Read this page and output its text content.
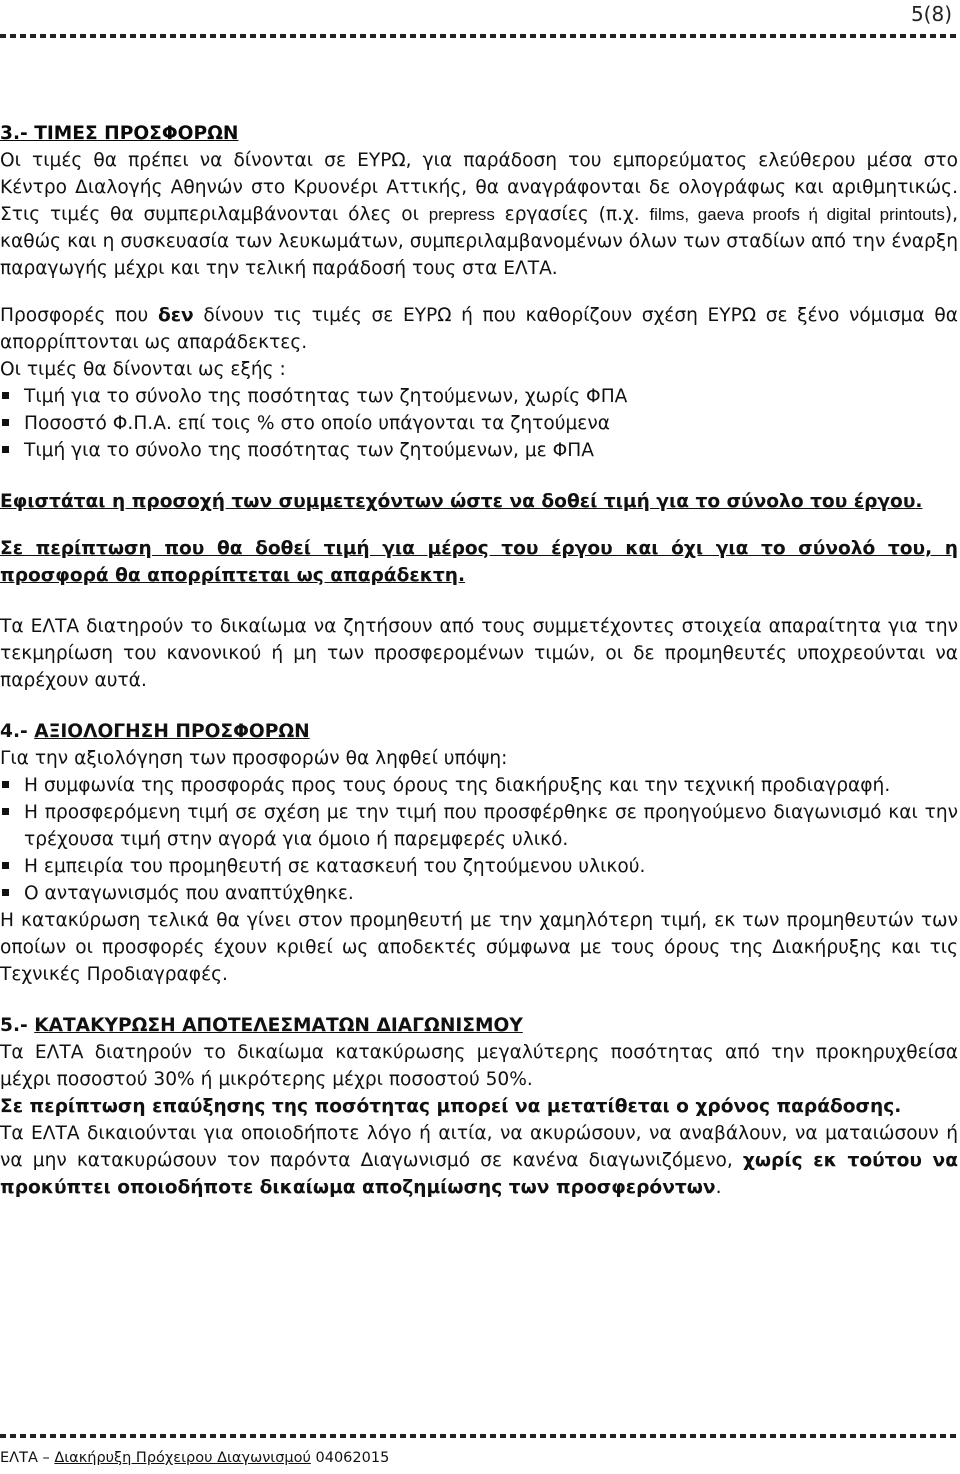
5(8)
3.- ΤΙΜΕΣ ΠΡΟΣΦΟΡΩΝ

Οι τιμές θα πρέπει να δίνονται σε ΕΥΡΩ, για παράδοση του εμπορεύματος ελεύθερου μέσα στο Κέντρο Διαλογής Αθηνών στο Κρυονέρι Αττικής, θα αναγράφονται δε ολογράφως και αριθμητικώς. Στις τιμές θα συμπεριλαμβάνονται όλες οι prepress εργασίες (π.χ. films, gaeva proofs ή digital printouts), καθώς και η συσκευασία των λευκωμάτων, συμπεριλαμβανομένων όλων των σταδίων από την έναρξη παραγωγής μέχρι και την τελική παράδοσή τους στα ΕΛΤΑ.

Προσφορές που δεν δίνουν τις τιμές σε ΕΥΡΩ ή που καθορίζουν σχέση ΕΥΡΩ σε ξένο νόμισμα θα απορρίπτονται ως απαράδεκτες.

Οι τιμές θα δίνονται ως εξής :

Τιμή για το σύνολο της ποσότητας των ζητούμενων, χωρίς ΦΠΑ
Ποσοστό Φ.Π.Α. επί τοις % στο οποίο υπάγονται τα ζητούμενα
Τιμή για το σύνολο της ποσότητας των ζητούμενων, με ΦΠΑ

Εφιστάται η προσοχή των συμμετεχόντων ώστε να δοθεί τιμή για το σύνολο του έργου.

Σε περίπτωση που θα δοθεί τιμή για μέρος του έργου και όχι για το σύνολό του, η προσφορά θα απορρίπτεται ως απαράδεκτη.

Τα ΕΛΤΑ διατηρούν το δικαίωμα να ζητήσουν από τους συμμετέχοντες στοιχεία απαραίτητα για την τεκμηρίωση του κανονικού ή μη των προσφερομένων τιμών, οι δε προμηθευτές υποχρεούνται να παρέχουν αυτά.

4.- ΑΞΙΟΛΟΓΗΣΗ ΠΡΟΣΦΟΡΩΝ

Για την αξιολόγηση των προσφορών θα ληφθεί υπόψη:

Η συμφωνία της προσφοράς προς τους όρους της διακήρυξης και την τεχνική προδιαγραφή.
Η προσφερόμενη τιμή σε σχέση με την τιμή που προσφέρθηκε σε προηγούμενο διαγωνισμό και την τρέχουσα τιμή στην αγορά για όμοιο ή παρεμφερές υλικό.
Η εμπειρία του προμηθευτή σε κατασκευή του ζητούμενου υλικού.
Ο ανταγωνισμός που αναπτύχθηκε.

Η κατακύρωση τελικά θα γίνει στον προμηθευτή με την χαμηλότερη τιμή, εκ των προμηθευτών των οποίων οι προσφορές έχουν κριθεί ως αποδεκτές σύμφωνα με τους όρους της Διακήρυξης και τις Τεχνικές Προδιαγραφές.

5.- ΚΑΤΑΚΥΡΩΣΗ ΑΠΟΤΕΛΕΣΜΑΤΩΝ ΔΙΑΓΩΝΙΣΜΟΥ

Τα ΕΛΤΑ διατηρούν το δικαίωμα κατακύρωσης μεγαλύτερης ποσότητας από την προκηρυχθείσα μέχρι ποσοστού 30% ή μικρότερης μέχρι ποσοστού 50%.

Σε περίπτωση επαύξησης της ποσότητας μπορεί να μετατίθεται ο χρόνος παράδοσης.

Τα ΕΛΤΑ δικαιούνται για οποιοδήποτε λόγο ή αιτία, να ακυρώσουν, να αναβάλουν, να ματαιώσουν ή να μην κατακυρώσουν τον παρόντα Διαγωνισμό σε κανένα διαγωνιζόμενο, χωρίς εκ τούτου να προκύπτει οποιοδήποτε δικαίωμα αποζημίωσης των προσφερόντων.

ΕΛΤΑ – Διακήρυξη Πρόχειρου Διαγωνισμού 04062015
